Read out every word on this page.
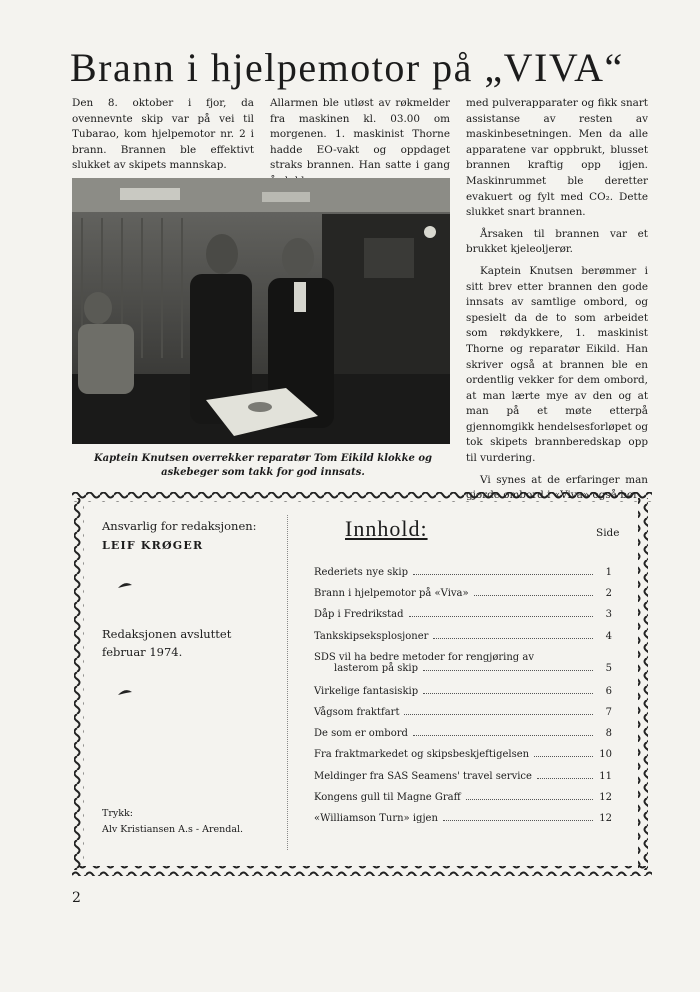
Brann i hjelpemotor på „VIVA“

Den 8. oktober i fjor, da ovennevnte skip var på vei til Tubarao, kom hjelpemotor nr. 2 i brann. Brannen ble effektivt slukket av skipets mannskap.

Allarmen ble utløst av røkmelder fra maskinen kl. 03.00 om morgenen. 1. maskinist Thorne hadde EO-vakt og oppdaget straks brannen. Han satte i gang

med pulverapparater og fikk snart assistanse av resten av maskinbesetningen. Men da alle apparatene var oppbrukt, blusset brannen kraftig opp igjen. Maskinrummet ble deretter evakuert og fylt med CO₂. Dette slukket snart brannen.

Årsaken til brannen var et brukket kjeleoljerør.

Kaptein Knutsen berømmer i sitt brev etter brannen den gode innsats av samtlige ombord, og spesielt da de to som arbeidet som røkdykkere, 1. maskinist Thorne og reparatør Eikild. Han skriver også at brannen ble en ordentlig vekker for dem ombord, at man lærte mye av den og at man på et møte etterpå gjennomgikk hendelsesforløpet og tok skipets brannberedskap opp til vurdering.

Vi synes at de erfaringer man

Kaptein Knutsen overrekker reparatør Tom Eikild klokke og askebeger som takk for god innsats.
Ansvarlig for redaksjonen:
LEIF KRØGER
Redaksjonen avsluttet
februar 1974.
Trykk:
Alv Kristiansen A.s - Arendal.
Innhold:	Side
Rederiets nye skip	1
Brann i hjelpemotor på «Viva»	2
Dåp i Fredrikstad	3
Tankskipseksplosjoner	4
SDS vil ha bedre metoder for rengjøring av
lasterom på skip	5
Virkelige fantasiskip	6
Vågsom fraktfart	7
De som er ombord	8
Fra fraktmarkedet og skipsbeskjeftigelsen	10
Meldinger fra SAS Seamens' travel service	11
Kongens gull til Magne Graff	12
«Williamson Turn» igjen	12
2
